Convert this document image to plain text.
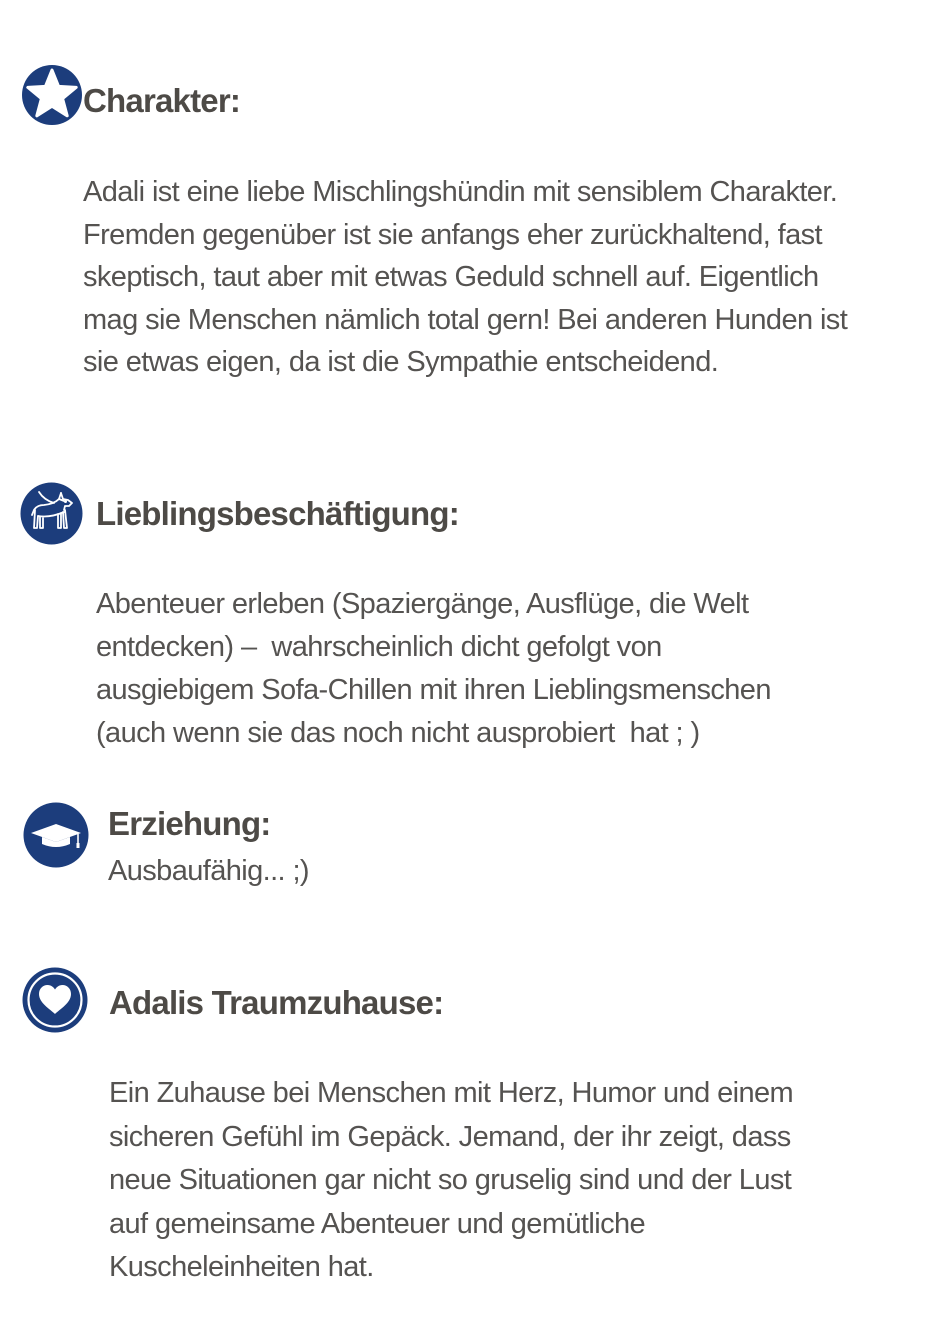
Charakter:

Adali ist eine liebe Mischlingshündin mit sensiblem Charakter.
Fremden gegenüber ist sie anfangs eher zurückhaltend, fast
skeptisch, taut aber mit etwas Geduld schnell auf. Eigentlich
mag sie Menschen nämlich total gern! Bei anderen Hunden ist
sie etwas eigen, da ist die Sympathie entscheidend.

Lieblingsbeschäftigung:

Abenteuer erleben (Spaziergänge, Ausflüge, die Welt
entdecken) –  wahrscheinlich dicht gefolgt von
ausgiebigem Sofa-Chillen mit ihren Lieblingsmenschen
(auch wenn sie das noch nicht ausprobiert  hat ; )

Erziehung:

Ausbaufähig... ;)

Adalis Traumzuhause:

Ein Zuhause bei Menschen mit Herz, Humor und einem
sicheren Gefühl im Gepäck. Jemand, der ihr zeigt, dass
neue Situationen gar nicht so gruselig sind und der Lust
auf gemeinsame Abenteuer und gemütliche
Kuscheleinheiten hat.
